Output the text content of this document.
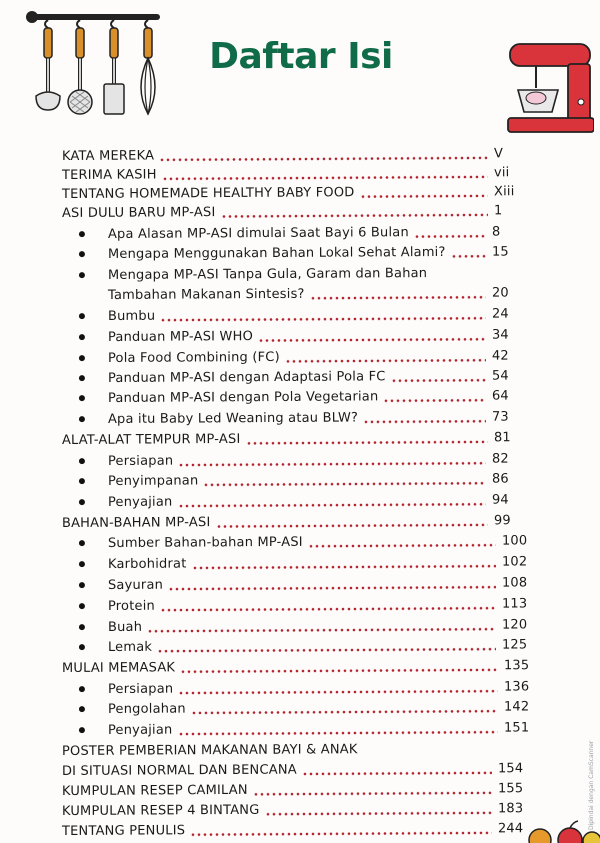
Daftar Isi
KATA MEREKA	V
TERIMA KASIH	vii
TENTANG HOMEMADE HEALTHY BABY FOOD	Xiii
ASI DULU BARU MP-ASI	1
Apa Alasan MP-ASI dimulai Saat Bayi 6 Bulan	8
Mengapa Menggunakan Bahan Lokal Sehat Alami?	15
Mengapa MP-ASI Tanpa Gula, Garam dan Bahan
Tambahan Makanan Sintesis?	20
Bumbu	24
Panduan MP-ASI WHO	34
Pola Food Combining (FC)	42
Panduan MP-ASI dengan Adaptasi Pola FC	54
Panduan MP-ASI dengan Pola Vegetarian	64
Apa itu Baby Led Weaning atau BLW?	73
ALAT-ALAT TEMPUR MP-ASI	81
Persiapan	82
Penyimpanan	86
Penyajian	94
BAHAN-BAHAN MP-ASI	99
Sumber Bahan-bahan MP-ASI	100
Karbohidrat	102
Sayuran	108
Protein	113
Buah	120
Lemak	125
MULAI MEMASAK	135
Persiapan	136
Pengolahan	142
Penyajian	151
POSTER PEMBERIAN MAKANAN BAYI & ANAK
DI SITUASI NORMAL DAN BENCANA	154
KUMPULAN RESEP CAMILAN	155
KUMPULAN RESEP 4 BINTANG	183
TENTANG PENULIS	244	Dipindai dengan CamScanner
